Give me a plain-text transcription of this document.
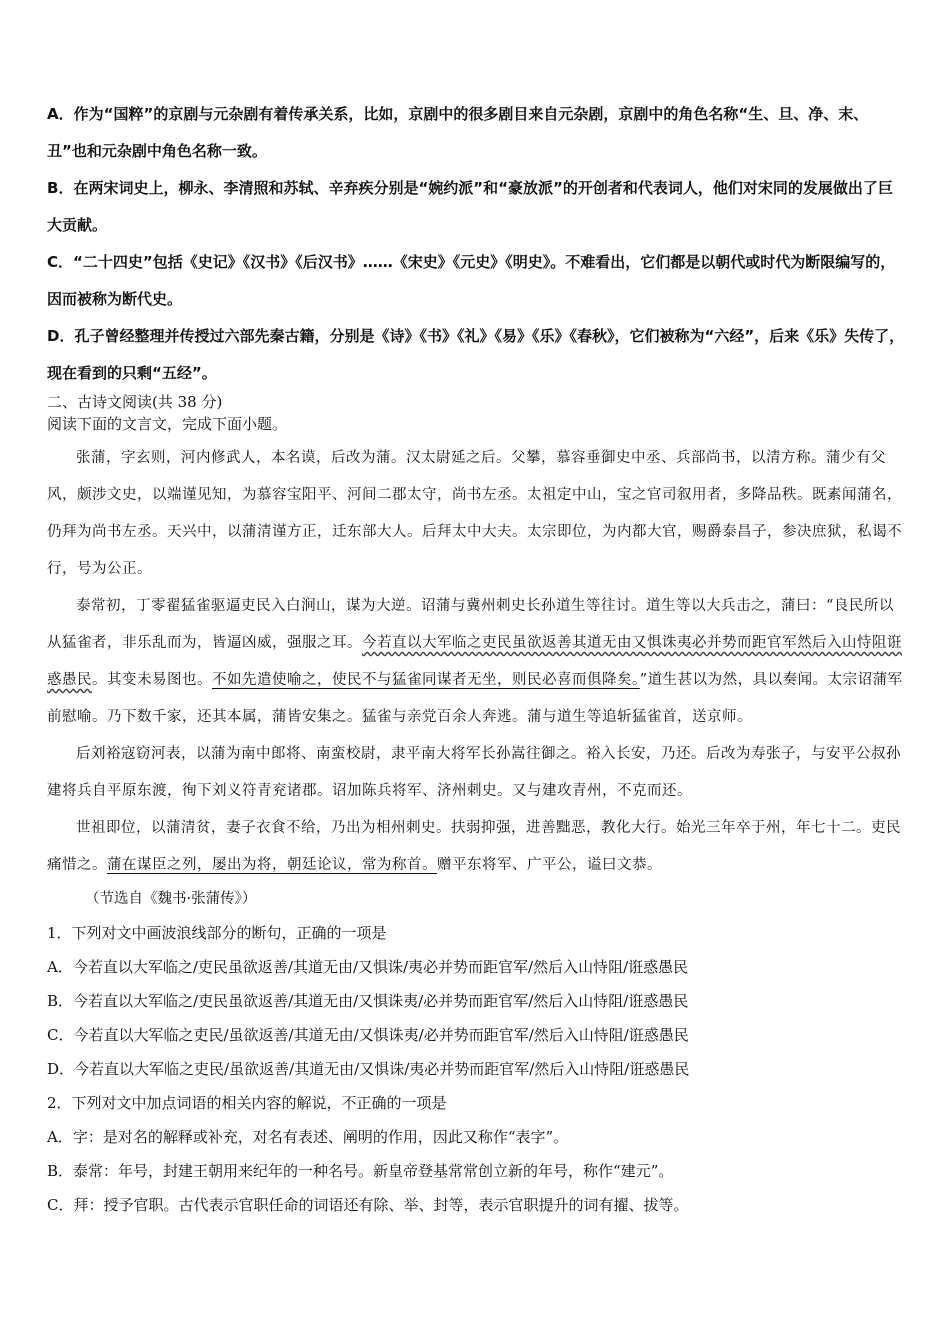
A．作为“国粹”的京剧与元杂剧有着传承关系，比如，京剧中的很多剧目来自元杂剧，京剧中的角色名称“生、旦、净、末、丑”也和元杂剧中角色名称一致。

B．在两宋词史上，柳永、李清照和苏轼、辛弃疾分别是“婉约派”和“豪放派”的开创者和代表词人，他们对宋同的发展做出了巨大贡献。

C．“二十四史”包括《史记》《汉书》《后汉书》……《宋史》《元史》《明史》。不难看出，它们都是以朝代或时代为断限编写的，因而被称为断代史。

D．孔子曾经整理并传授过六部先秦古籍，分别是《诗》《书》《礼》《易》《乐》《春秋》，它们被称为“六经”，后来《乐》失传了，现在看到的只剩“五经”。

二、古诗文阅读(共 38 分)

阅读下面的文言文，完成下面小题。

张蒲，字玄则，河内修武人，本名谟，后改为蒲。汉太尉延之后。父攀，慕容垂御史中丞、兵部尚书，以清方称。蒲少有父风，颇涉文史，以端谨见知，为慕容宝阳平、河间二郡太守，尚书左丞。太祖定中山，宝之官司叙用者，多降品秩。既素闻蒲名，仍拜为尚书左丞。天兴中，以蒲清谨方正，迁东部大人。后拜太中大夫。太宗即位，为内都大官，赐爵泰昌子，参决庶狱，私谒不行，号为公正。

泰常初，丁零翟猛雀驱逼吏民入白涧山，谋为大逆。诏蒲与冀州刺史长孙道生等往讨。道生等以大兵击之，蒲曰：“良民所以从猛雀者，非乐乱而为，皆逼凶威，强服之耳。今若直以大军临之吏民虽欲返善其道无由又惧诛夷必并势而距官军然后入山恃阻诳惑愚民。其变未易图也。不如先遣使喻之，使民不与猛雀同谋者无坐，则民必喜而俱降矣。”道生甚以为然，具以奏闻。太宗诏蒲军前慰喻。乃下数千家，还其本属，蒲皆安集之。猛雀与亲党百余人奔逃。蒲与道生等追斩猛雀首，送京师。

后刘裕寇窃河表，以蒲为南中郎将、南蛮校尉，隶平南大将军长孙嵩往御之。裕入长安，乃还。后改为寿张子，与安平公叔孙建将兵自平原东渡，徇下刘义符青兖诸郡。诏加陈兵将军、济州刺史。又与建攻青州，不克而还。

世祖即位，以蒲清贫，妻子衣食不给，乃出为相州刺史。扶弱抑强，进善黜恶，教化大行。始光三年卒于州，年七十二。吏民痛惜之。蒲在谋臣之列，屡出为将，朝廷论议，常为称首。赠平东将军、广平公，谥曰文恭。

（节选自《魏书·张蒲传》）

1．下列对文中画波浪线部分的断句，正确的一项是

A．今若直以大军临之/吏民虽欲返善/其道无由/又惧诛/夷必并势而距官军/然后入山恃阻/诳惑愚民

B．今若直以大军临之/吏民虽欲返善/其道无由/又惧诛夷/必并势而距官军/然后入山恃阻/诳惑愚民

C．今若直以大军临之吏民/虽欲返善/其道无由/又惧诛夷/必并势而距官军/然后入山恃阻/诳惑愚民

D．今若直以大军临之吏民/虽欲返善/其道无由/又惧诛/夷必并势而距官军/然后入山恃阻/诳惑愚民

2．下列对文中加点词语的相关内容的解说，不正确的一项是

A．字：是对名的解释或补充，对名有表述、阐明的作用，因此又称作“表字”。

B．泰常：年号，封建王朝用来纪年的一种名号。新皇帝登基常常创立新的年号，称作“建元”。

C．拜：授予官职。古代表示官职任命的词语还有除、举、封等，表示官职提升的词有擢、拔等。
